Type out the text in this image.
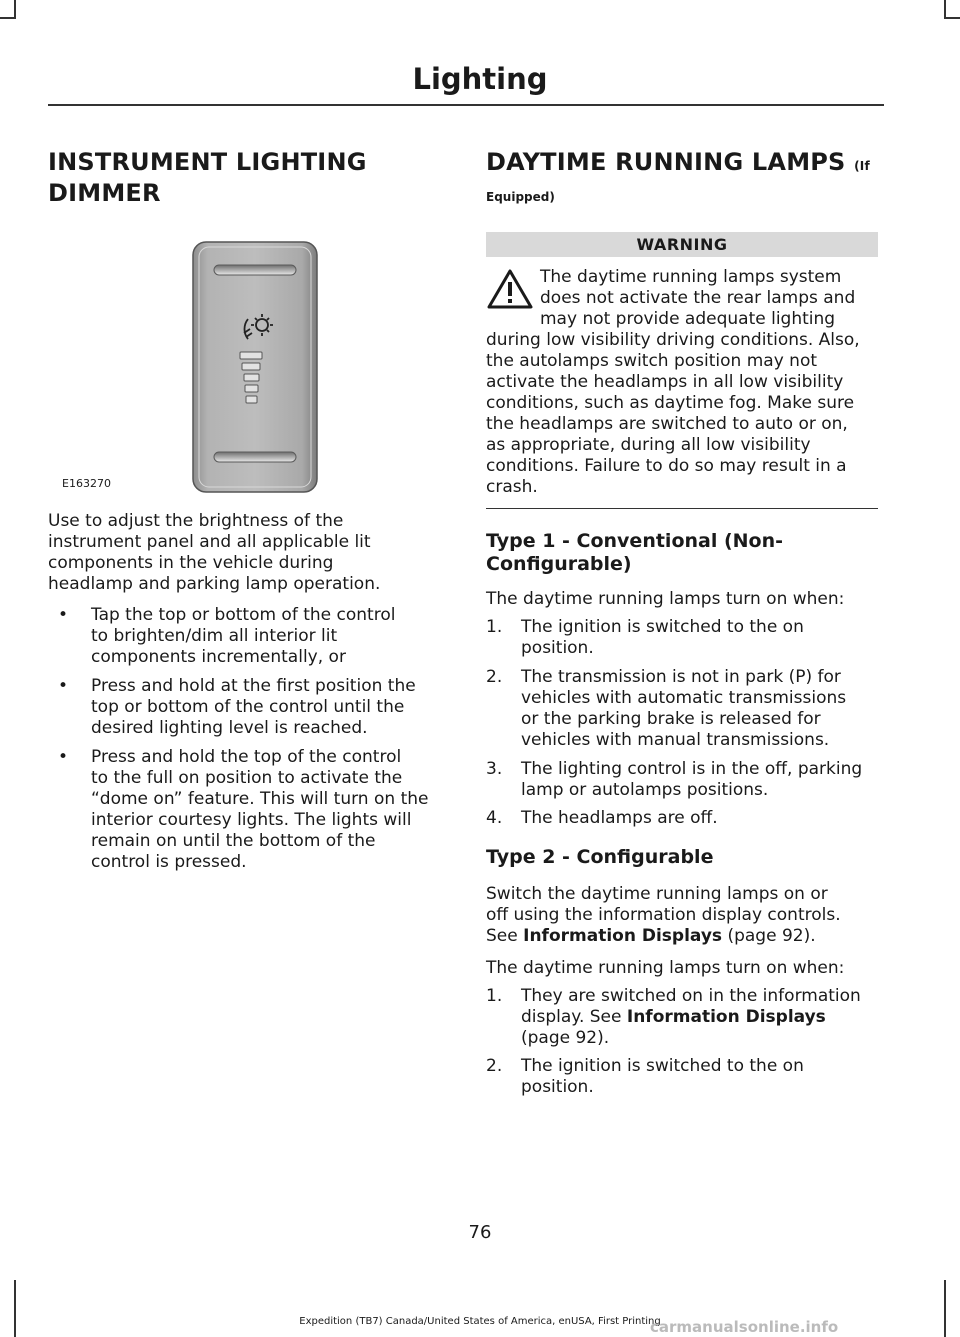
Lighting
INSTRUMENT LIGHTING
DIMMER
E163270
Use to adjust the brightness of the
instrument panel and all applicable lit
components in the vehicle during
headlamp and parking lamp operation.
• Tap the top or bottom of the control
to brighten/dim all interior lit
components incrementally, or
• Press and hold at the first position the
top or bottom of the control until the
desired lighting level is reached.
• Press and hold the top of the control
to the full on position to activate the
“dome on” feature. This will turn on the
interior courtesy lights. The lights will
remain on until the bottom of the
control is pressed.
DAYTIME RUNNING LAMPS (If
Equipped)
WARNING
The daytime running lamps system
does not activate the rear lamps and
may not provide adequate lighting
during low visibility driving conditions. Also,
the autolamps switch position may not
activate the headlamps in all low visibility
conditions, such as daytime fog. Make sure
the headlamps are switched to auto or on,
as appropriate, during all low visibility
conditions. Failure to do so may result in a
crash.
Type 1 - Conventional (Non-
Configurable)
The daytime running lamps turn on when:
1. The ignition is switched to the on
position.
2. The transmission is not in park (P) for
vehicles with automatic transmissions
or the parking brake is released for
vehicles with manual transmissions.
3. The lighting control is in the off, parking
lamp or autolamps positions.
4. The headlamps are off.
Type 2 - Configurable
Switch the daytime running lamps on or
off using the information display controls.
See Information Displays (page 92).
The daytime running lamps turn on when:
1. They are switched on in the information
display. See Information Displays
(page 92).
2. The ignition is switched to the on
position.
76
Expedition (TB7) Canada/United States of America, enUSA, First Printing
carmanualsonline.info
